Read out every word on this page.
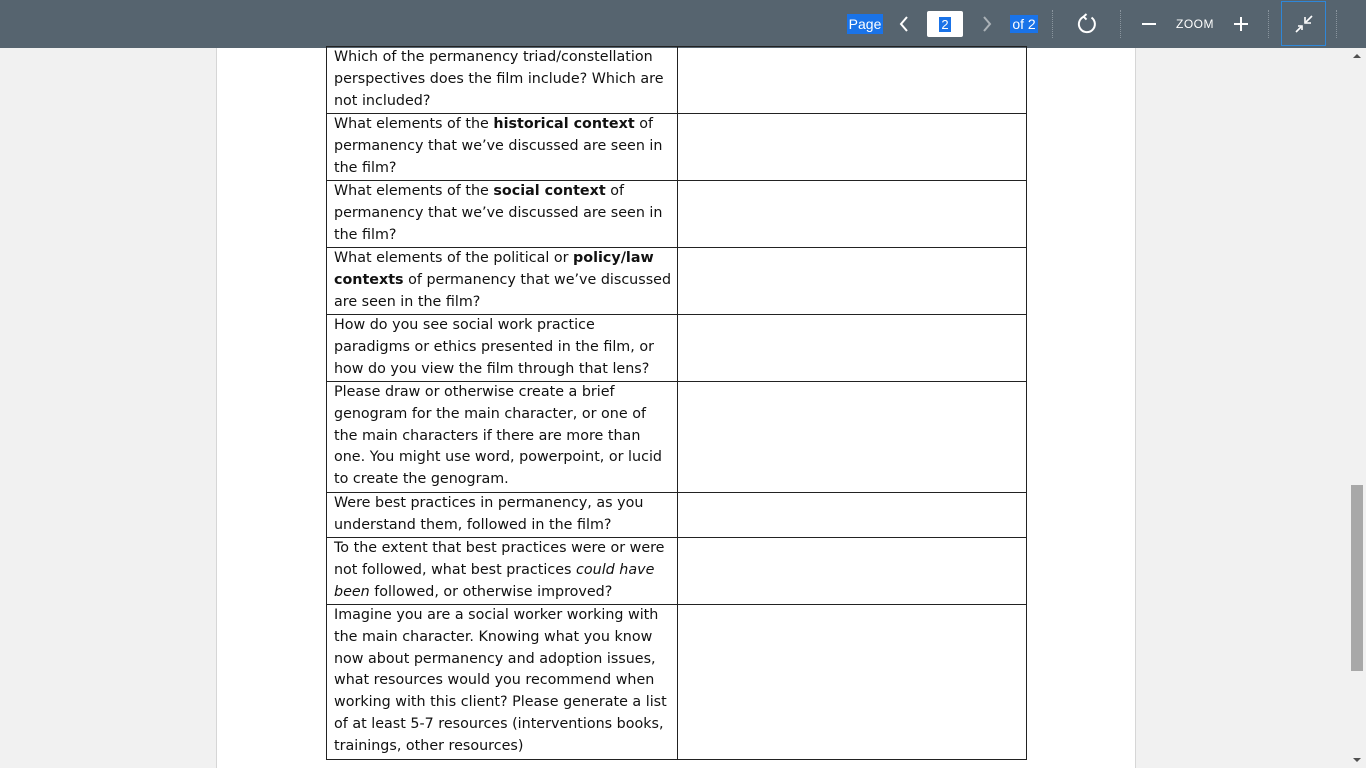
Page	2	of 2	ZOOM
Which of the permanency triad/constellation perspectives does the film include? Which are not included?	
What elements of the historical context of permanency that we’ve discussed are seen in the film?	
What elements of the social context of permanency that we’ve discussed are seen in the film?	
What elements of the political or policy/law contexts of permanency that we’ve discussed are seen in the film?	
How do you see social work practice paradigms or ethics presented in the film, or how do you view the film through that lens?	
Please draw or otherwise create a brief genogram for the main character, or one of the main characters if there are more than one. You might use word, powerpoint, or lucid to create the genogram.	
Were best practices in permanency, as you understand them, followed in the film?	
To the extent that best practices were or were not followed, what best practices could have been followed, or otherwise improved?	
Imagine you are a social worker working with the main character. Knowing what you know now about permanency and adoption issues, what resources would you recommend when working with this client? Please generate a list of at least 5-7 resources (interventions books, trainings, other resources)	
